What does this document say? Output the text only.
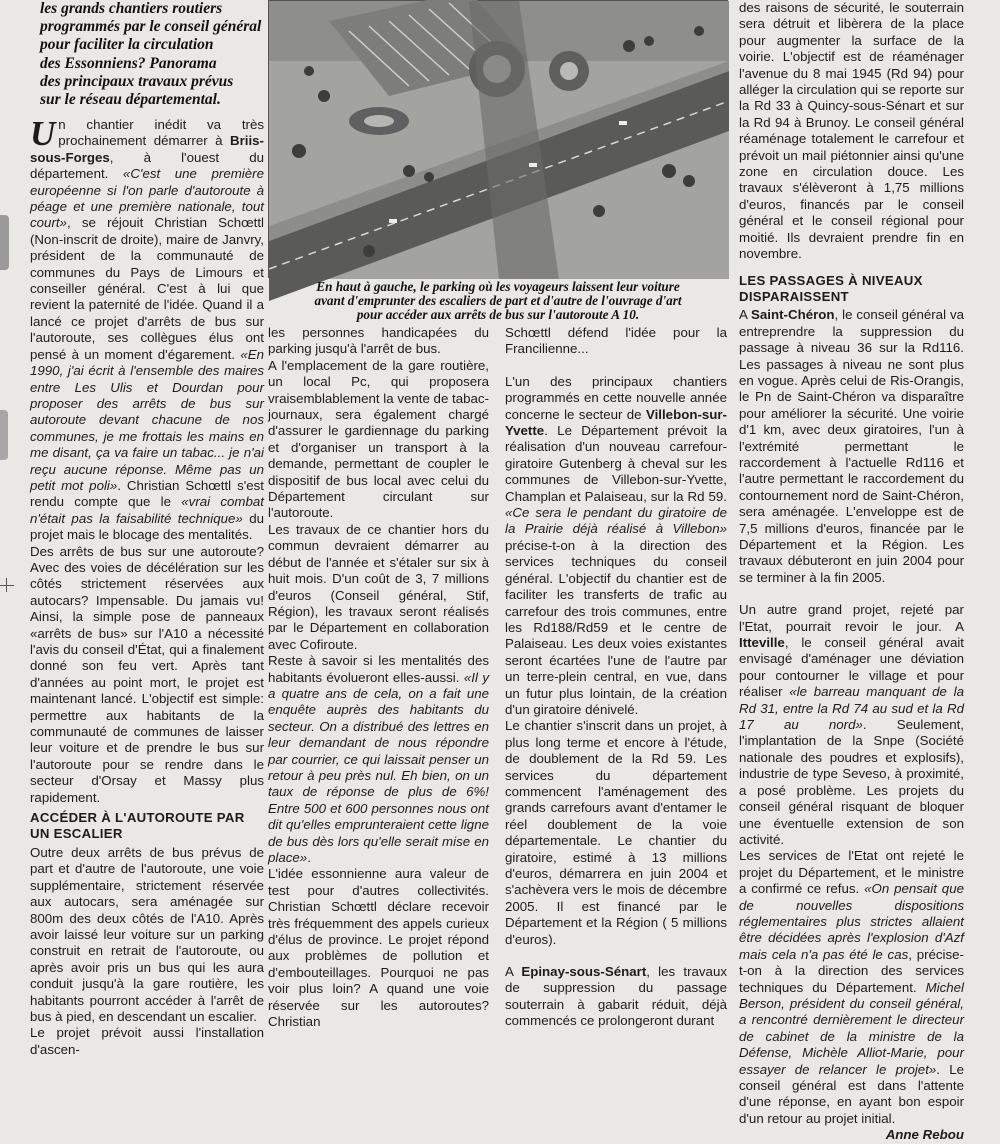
les grands chantiers routiers
programmés par le conseil général
pour faciliter la circulation
des Essonniens? Panorama
des principaux travaux prévus
sur le réseau départemental.

Un chantier inédit va très prochainement démarrer à Briis-sous-Forges, à l'ouest du département. «C'est une première européenne si l'on parle d'autoroute à péage et une première nationale, tout court», se réjouit Christian Schœttl (Non-inscrit de droite), maire de Janvry, président de la communauté de communes du Pays de Limours et conseiller général. C'est à lui que revient la paternité de l'idée. Quand il a lancé ce projet d'arrêts de bus sur l'autoroute, ses collègues élus ont pensé à un moment d'égarement. «En 1990, j'ai écrit à l'ensemble des maires entre Les Ulis et Dourdan pour proposer des arrêts de bus sur autoroute devant chacune de nos communes, je me frottais les mains en me disant, ça va faire un tabac... je n'ai reçu aucune réponse. Même pas un petit mot poli». Christian Schœttl s'est rendu compte que le «vrai combat n'était pas la faisabilité technique» du projet mais le blocage des mentalités.

Des arrêts de bus sur une autoroute? Avec des voies de décélération sur les côtés strictement réservées aux autocars? Impensable. Du jamais vu! Ainsi, la simple pose de panneaux «arrêts de bus» sur l'A10 a nécessité l'avis du conseil d'État, qui a finalement donné son feu vert. Après tant d'années au point mort, le projet est maintenant lancé. L'objectif est simple: permettre aux habitants de la communauté de communes de laisser leur voiture et de prendre le bus sur l'autoroute pour se rendre dans le secteur d'Orsay et Massy plus rapidement.

ACCÉDER À L'AUTOROUTE PAR UN ESCALIER

Outre deux arrêts de bus prévus de part et d'autre de l'autoroute, une voie supplémentaire, strictement réservée aux autocars, sera aménagée sur 800m des deux côtés de l'A10. Après avoir laissé leur voiture sur un parking construit en retrait de l'autoroute, ou après avoir pris un bus qui les aura conduit jusqu'à la gare routière, les habitants pourront accéder à l'arrêt de bus à pied, en descendant un escalier.

Le projet prévoit aussi l'installation d'ascen-

En haut à gauche, le parking où les voyageurs laissent leur voiture
avant d'emprunter des escaliers de part et d'autre de l'ouvrage d'art
pour accéder aux arrêts de bus sur l'autoroute A 10.

les personnes handicapées du parking jusqu'à l'arrêt de bus.

A l'emplacement de la gare routière, un local Pc, qui proposera vraisemblablement la vente de tabac-journaux, sera également chargé d'assurer le gardiennage du parking et d'organiser un transport à la demande, permettant de coupler le dispositif de bus local avec celui du Département circulant sur l'autoroute.

Les travaux de ce chantier hors du commun devraient démarrer au début de l'année et s'étaler sur six à huit mois. D'un coût de 3, 7 millions d'euros (Conseil général, Stif, Région), les travaux seront réalisés par le Département en collaboration avec Cofiroute.

Reste à savoir si les mentalités des habitants évolueront elles-aussi. «Il y a quatre ans de cela, on a fait une enquête auprès des habitants du secteur. On a distribué des lettres en leur demandant de nous répondre par courrier, ce qui laissait penser un retour à peu près nul. Eh bien, on un taux de réponse de plus de 6%! Entre 500 et 600 personnes nous ont dit qu'elles emprunteraient cette ligne de bus dès lors qu'elle serait mise en place».

L'idée essonnienne aura valeur de test pour d'autres collectivités. Christian Schœttl déclare recevoir très fréquemment des appels curieux d'élus de province. Le projet répond aux problèmes de pollution et d'embouteillages. Pourquoi ne pas voir plus loin? A quand une voie réservée sur les autoroutes? Christian

Schœttl défend l'idée pour la Francilienne...

L'un des principaux chantiers programmés en cette nouvelle année concerne le secteur de Villebon-sur-Yvette. Le Département prévoit la réalisation d'un nouveau carrefour-giratoire Gutenberg à cheval sur les communes de Villebon-sur-Yvette, Champlan et Palaiseau, sur la Rd 59. «Ce sera le pendant du giratoire de la Prairie déjà réalisé à Villebon» précise-t-on à la direction des services techniques du conseil général. L'objectif du chantier est de faciliter les transferts de trafic au carrefour des trois communes, entre les Rd188/Rd59 et le centre de Palaiseau. Les deux voies existantes seront écartées l'une de l'autre par un terre-plein central, en vue, dans un futur plus lointain, de la création d'un giratoire dénivelé.

Le chantier s'inscrit dans un projet, à plus long terme et encore à l'étude, de doublement de la Rd 59. Les services du département commencent l'aménagement des grands carrefours avant d'entamer le réel doublement de la voie départementale. Le chantier du giratoire, estimé à 13 millions d'euros, démarrera en juin 2004 et s'achèvera vers le mois de décembre 2005. Il est financé par le Département et la Région ( 5 millions d'euros).

A Epinay-sous-Sénart, les travaux de suppression du passage souterrain à gabarit réduit, déjà commencés ce prolongeront durant

des raisons de sécurité, le souterrain sera détruit et libèrera de la place pour augmenter la surface de la voirie. L'objectif est de réaménager l'avenue du 8 mai 1945 (Rd 94) pour alléger la circulation qui se reporte sur la Rd 33 à Quincy-sous-Sénart et sur la Rd 94 à Brunoy. Le conseil général réaménage totalement le carrefour et prévoit un mail piétonnier ainsi qu'une zone en circulation douce. Les travaux s'élèveront à 1,75 millions d'euros, financés par le conseil général et le conseil régional pour moitié. Ils devraient prendre fin en novembre.

LES PASSAGES À NIVEAUX DISPARAISSENT

A Saint-Chéron, le conseil général va entreprendre la suppression du passage à niveau 36 sur la Rd116. Les passages à niveau ne sont plus en vogue. Après celui de Ris-Orangis, le Pn de Saint-Chéron va disparaître pour améliorer la sécurité. Une voirie d'1 km, avec deux giratoires, l'un à l'extrémité permettant le raccordement à l'actuelle Rd116 et l'autre permettant le raccordement du contournement nord de Saint-Chéron, sera aménagée. L'enveloppe est de 7,5 millions d'euros, financée par le Département et la Région. Les travaux débuteront en juin 2004 pour se terminer à la fin 2005.

Un autre grand projet, rejeté par l'Etat, pourrait revoir le jour. A Itteville, le conseil général avait envisagé d'aménager une déviation pour contourner le village et pour réaliser «le barreau manquant de la Rd 31, entre la Rd 74 au sud et la Rd 17 au nord». Seulement, l'implantation de la Snpe (Société nationale des poudres et explosifs), industrie de type Seveso, à proximité, a posé problème. Les projets du conseil général risquant de bloquer une éventuelle extension de son activité.

Les services de l'Etat ont rejeté le projet du Département, et le ministre a confirmé ce refus. «On pensait que de nouvelles dispositions réglementaires plus strictes allaient être décidées après l'explosion d'Azf mais cela n'a pas été le cas, précise-t-on à la direction des services techniques du Département. Michel Berson, président du conseil général, a rencontré dernièrement le directeur de cabinet de la ministre de la Défense, Michèle Alliot-Marie, pour essayer de relancer le projet». Le conseil général est dans l'attente d'une réponse, en ayant bon espoir d'un retour au projet initial.

Anne Rebou
